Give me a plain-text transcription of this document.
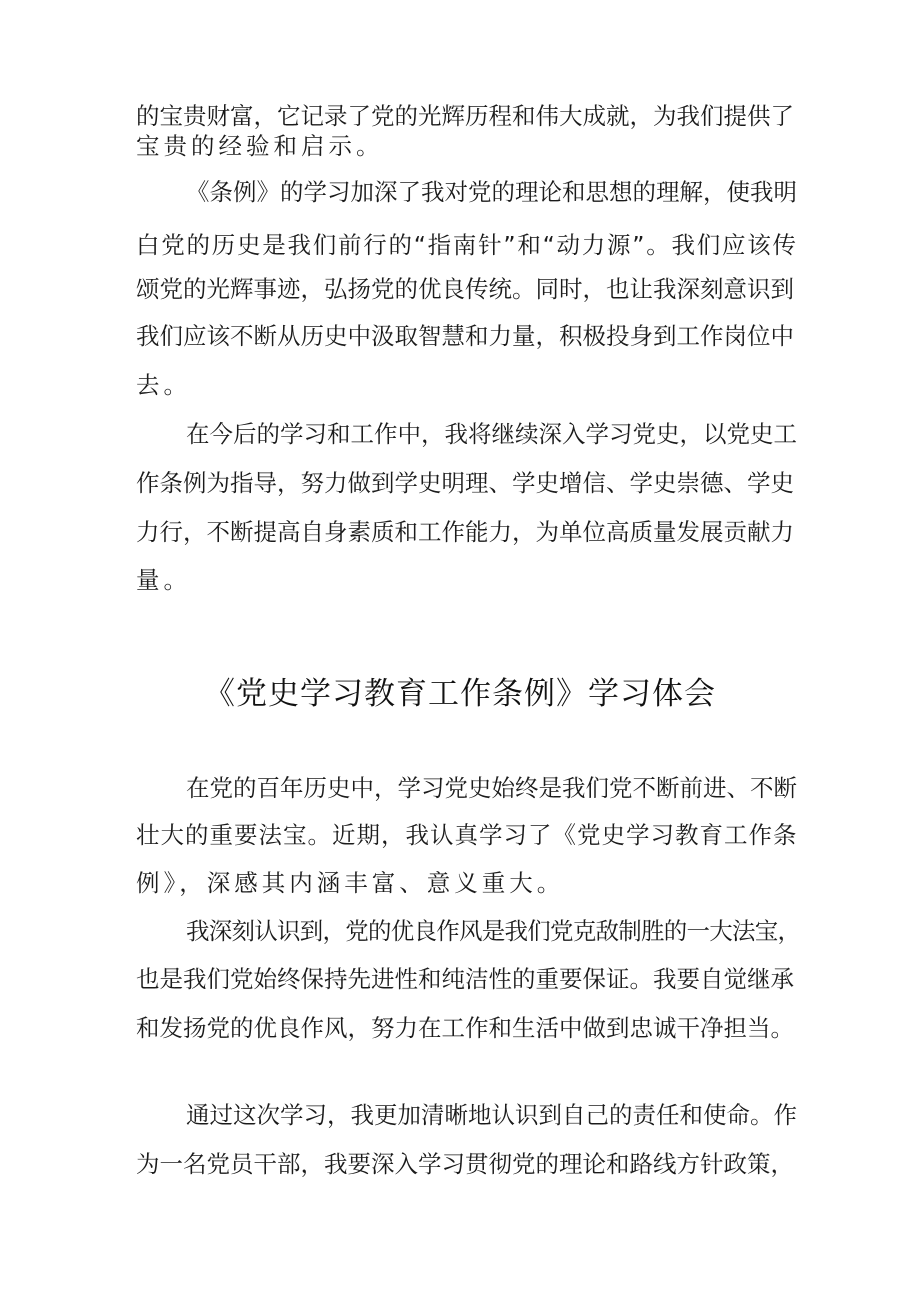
的宝贵财富，它记录了党的光辉历程和伟大成就，为我们提供了

宝贵的经验和启示。

《条例》的学习加深了我对党的理论和思想的理解，使我明

白党的历史是我们前行的“指南针”和“动力源”。我们应该传

颂党的光辉事迹，弘扬党的优良传统。同时，也让我深刻意识到

我们应该不断从历史中汲取智慧和力量，积极投身到工作岗位中

去。

在今后的学习和工作中，我将继续深入学习党史，以党史工

作条例为指导，努力做到学史明理、学史增信、学史崇德、学史

力行，不断提高自身素质和工作能力，为单位高质量发展贡献力

量。

《党史学习教育工作条例》学习体会

在党的百年历史中，学习党史始终是我们党不断前进、不断

壮大的重要法宝。近期，我认真学习了《党史学习教育工作条

例》，深感其内涵丰富、意义重大。

我深刻认识到，党的优良作风是我们党克敌制胜的一大法宝，

也是我们党始终保持先进性和纯洁性的重要保证。我要自觉继承

和发扬党的优良作风，努力在工作和生活中做到忠诚干净担当。

通过这次学习，我更加清晰地认识到自己的责任和使命。作

为一名党员干部，我要深入学习贯彻党的理论和路线方针政策，
